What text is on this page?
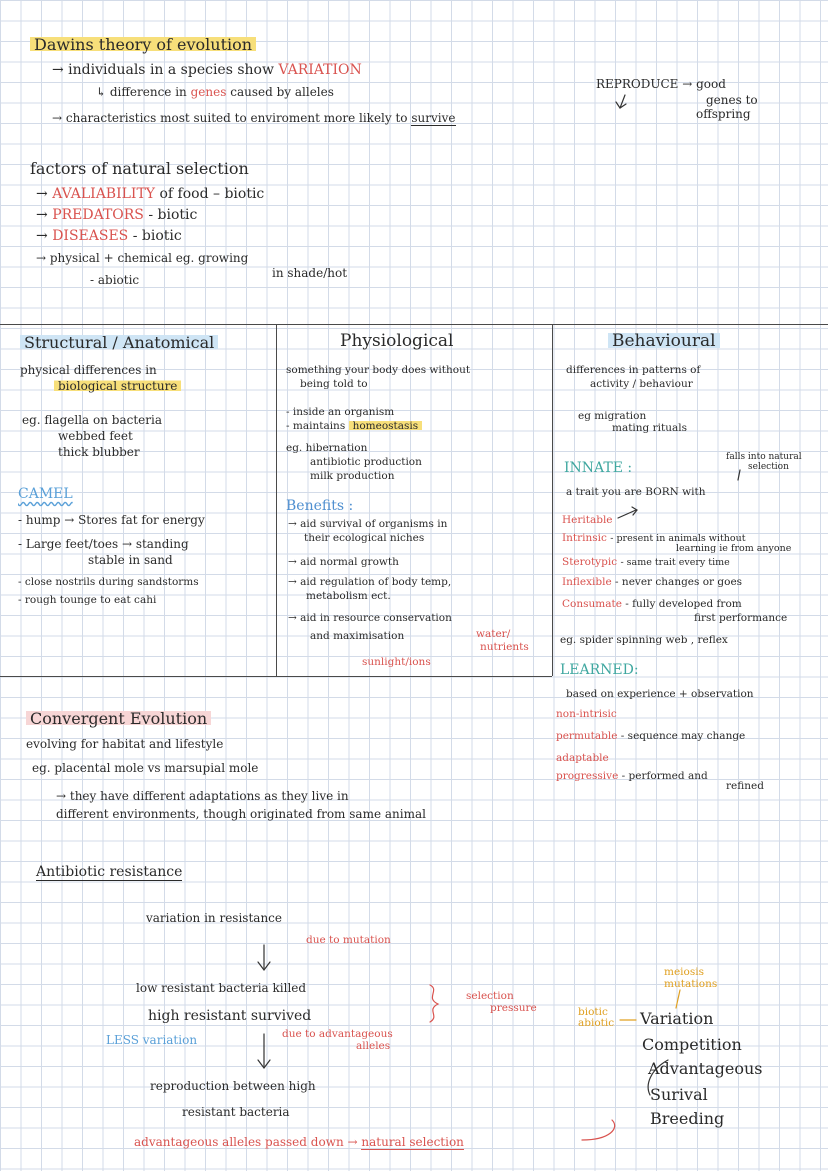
Dawins theory of evolution
→ individuals in a species show VARIATION
↳ difference in genes caused by alleles
→ characteristics most suited to enviroment more likely to survive
REPRODUCE → good
genes to
offspring
factors of natural selection
→ AVALIABILITY of food – biotic
→ PREDATORS - biotic
→ DISEASES - biotic
→ physical + chemical eg. growing
in shade/hot
- abiotic
Structural / Anatomical
physical differences in
biological structure
eg. flagella on bacteria
webbed feet
thick blubber
CAMEL
- hump → Stores fat for energy
- Large feet/toes → standing
stable in sand
- close nostrils during sandstorms
- rough tounge to eat cahi
Physiological
something your body does without
being told to
- inside an organism
- maintains homeostasis
eg. hibernation
antibiotic production
milk production
Benefits :
→ aid survival of organisms in
their ecological niches
→ aid normal growth
→ aid regulation of body temp,
metabolism ect.
→ aid in resource conservation
and maximisation	water/
nutrients
sunlight/ions
Behavioural
differences in patterns of
activity / behaviour
eg migration
mating rituals
INNATE :
falls into natural
selection
a trait you are BORN with
Heritable
Intrinsic - present in animals without
learning ie from anyone
Sterotypic - same trait every time
Inflexible - never changes or goes
Consumate - fully developed from
first performance
eg. spider spinning web , reflex
LEARNED:
based on experience + observation
non-intrisic
permutable - sequence may change
adaptable
progressive - performed and
refined
Convergent Evolution
evolving for habitat and lifestyle
eg. placental mole vs marsupial mole
→ they have different adaptations as they live in
different environments, though originated from same animal
Antibiotic resistance
variation in resistance
due to mutation
low resistant bacteria killed
high resistant survived
due to advantageous
alleles
selection
pressure
LESS variation
reproduction between high
resistant bacteria
advantageous alleles passed down → natural selection
meiosis
mutations
biotic
abiotic Variation
Competition
Advantageous
Surival
Breeding
